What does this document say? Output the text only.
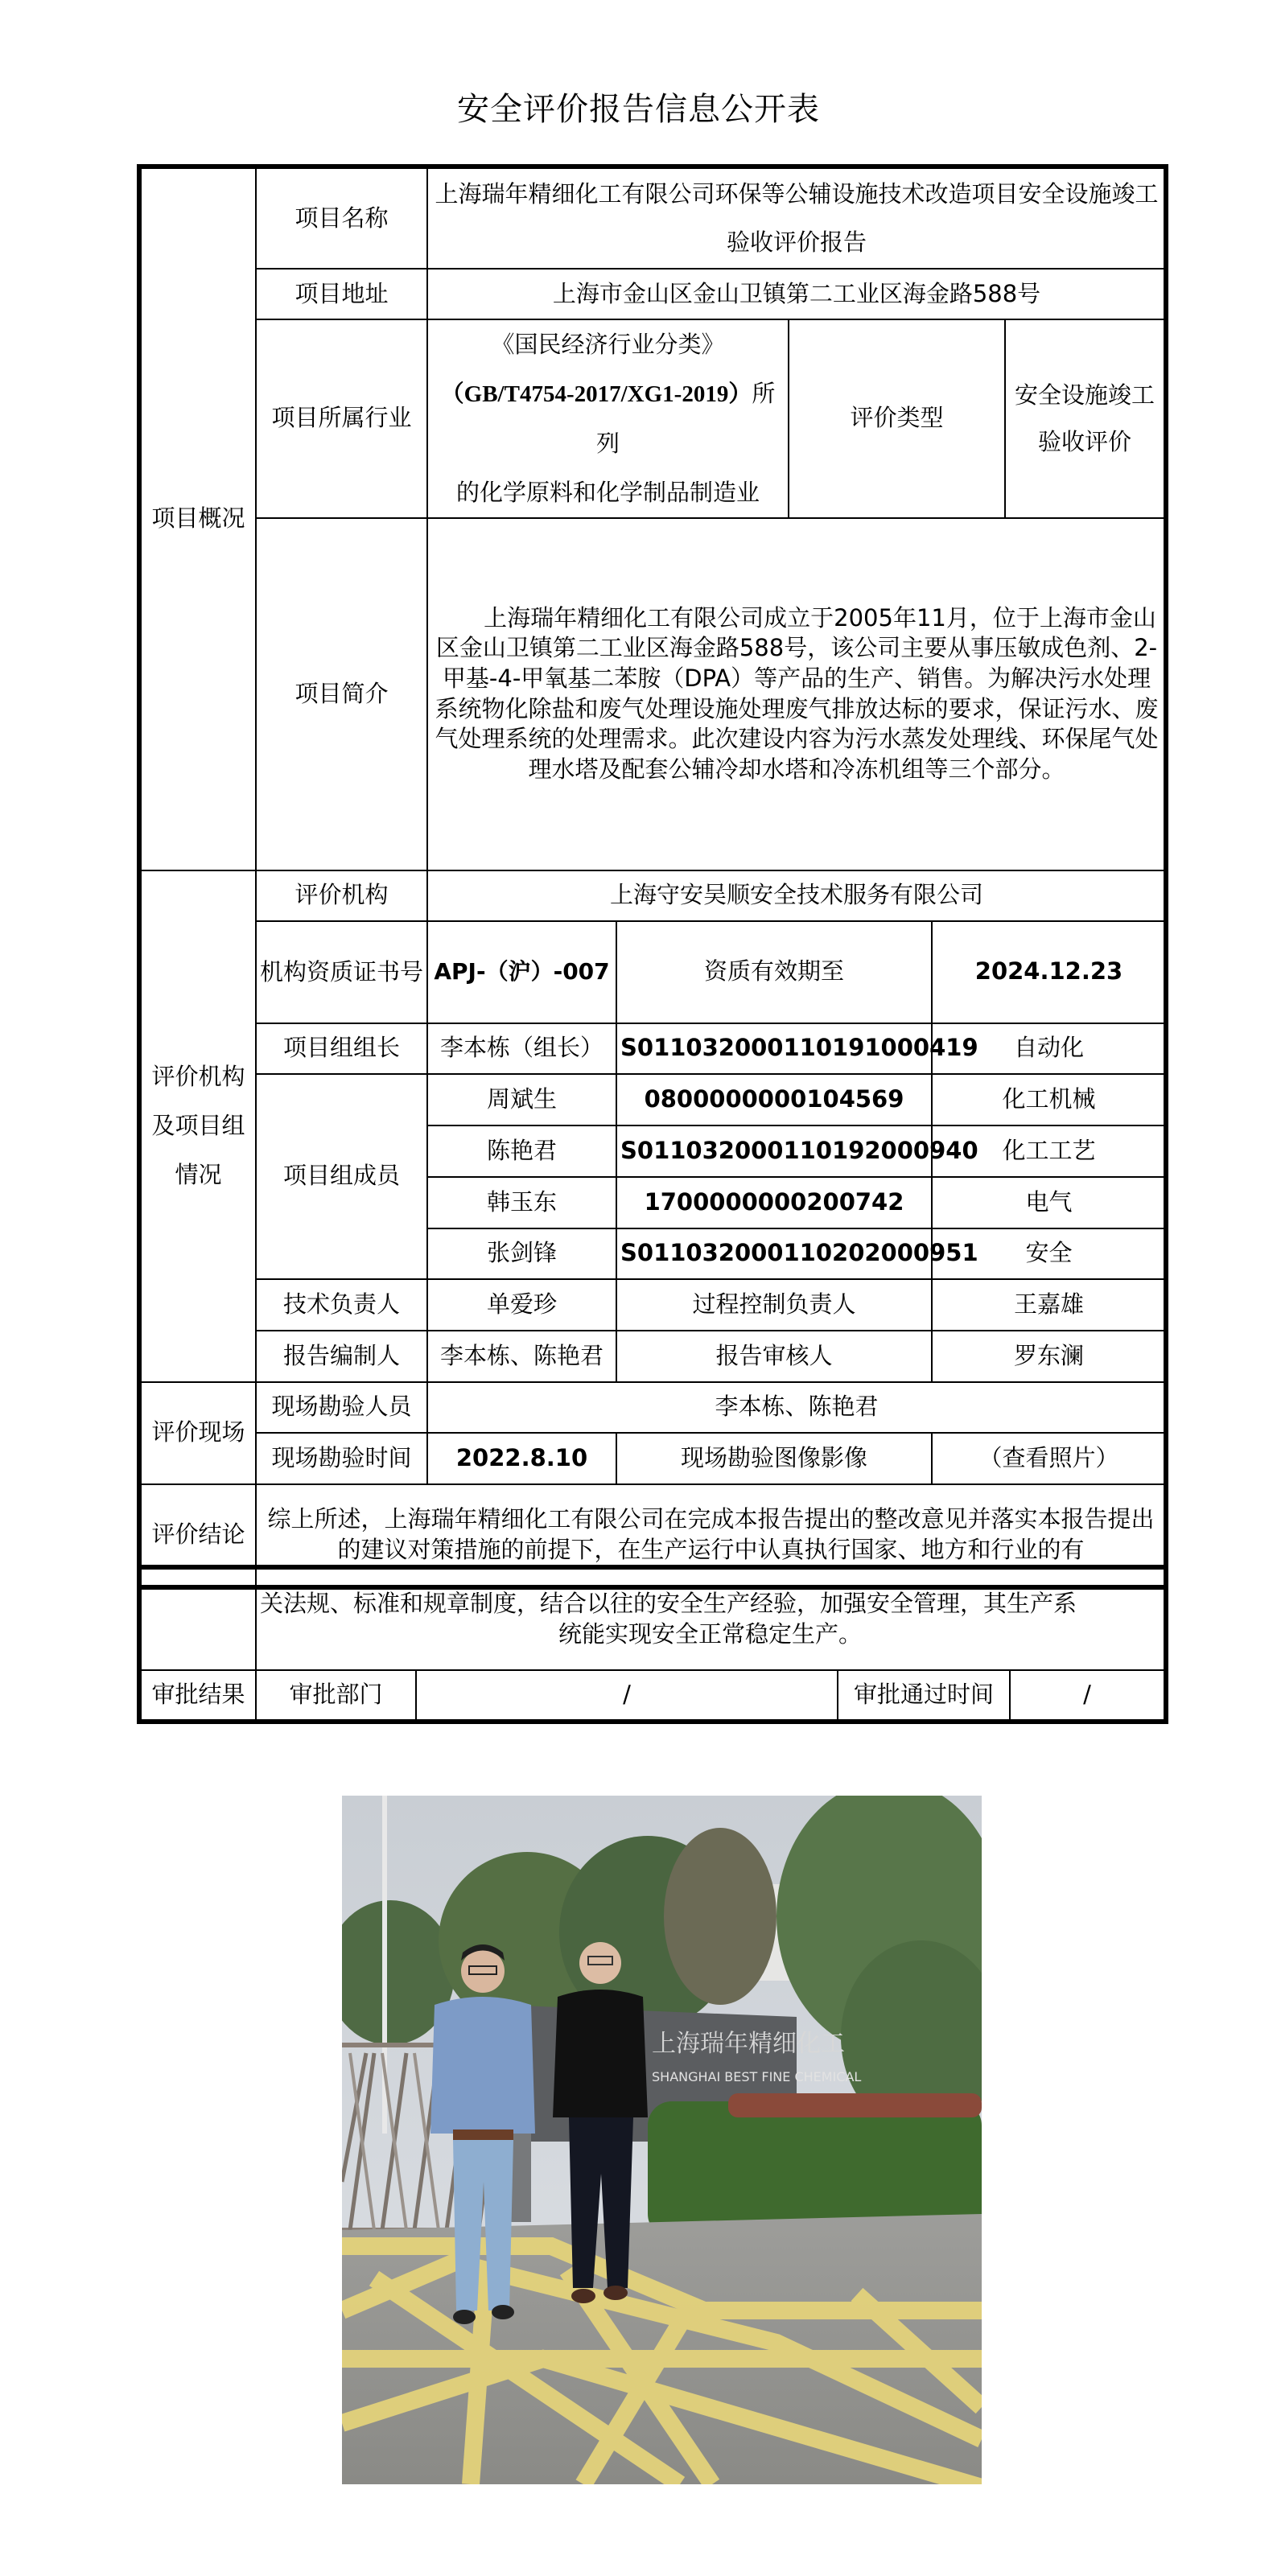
安全评价报告信息公开表
项目概况	项目名称	上海瑞年精细化工有限公司环保等公辅设施技术改造项目安全设施竣工验收评价报告				
	项目地址	上海市金山区金山卫镇第二工业区海金路588号				
	项目所属行业	《国民经济行业分类》
（GB/T4754-2017/XG1-2019）所列
的化学原料和化学制品制造业		评价类型		安全设施竣工验收评价
	项目简介	上海瑞年精细化工有限公司成立于2005年11月，位于上海市金山区金山卫镇第二工业区海金路588号，该公司主要从事压敏成色剂、2-甲基-4-甲氧基二苯胺（DPA）等产品的生产、销售。为解决污水处理系统物化除盐和废气处理设施处理废气排放达标的要求，保证污水、废气处理系统的处理需求。此次建设内容为污水蒸发处理线、环保尾气处理水塔及配套公辅冷却水塔和冷冻机组等三个部分。				

评价机构及项目组情况	评价机构	上海守安吴顺安全技术服务有限公司				
	机构资质证书号	APJ-（沪）-007	资质有效期至		2024.12.23	
	项目组组长	李本栋（组长）	S011032000110191000419		自动化	
	项目组成员	周斌生	0800000000104569		化工机械	
		陈艳君	S011032000110192000940		化工工艺	
		韩玉东	1700000000200742		电气	
		张剑锋	S011032000110202000951		安全	
	技术负责人	单爱珍	过程控制负责人		王嘉雄	
	报告编制人	李本栋、陈艳君	报告审核人		罗东澜	
评价现场	现场勘验人员	李本栋、陈艳君				
	现场勘验时间	2022.8.10	现场勘验图像影像		（查看照片）	
评价结论	综上所述，上海瑞年精细化工有限公司在完成本报告提出的整改意见并落实本报告提出的建议对策措施的前提下，在生产运行中认真执行国家、地方和行业的有					

	关法规、标准和规章制度，结合以往的安全生产经验，加强安全管理，其生产系
统能实现安全正常稳定生产。			

审批结果	审批部门	/	审批通过时间	/
上海瑞年精细化工
SHANGHAI BEST FINE CHEMICAL
